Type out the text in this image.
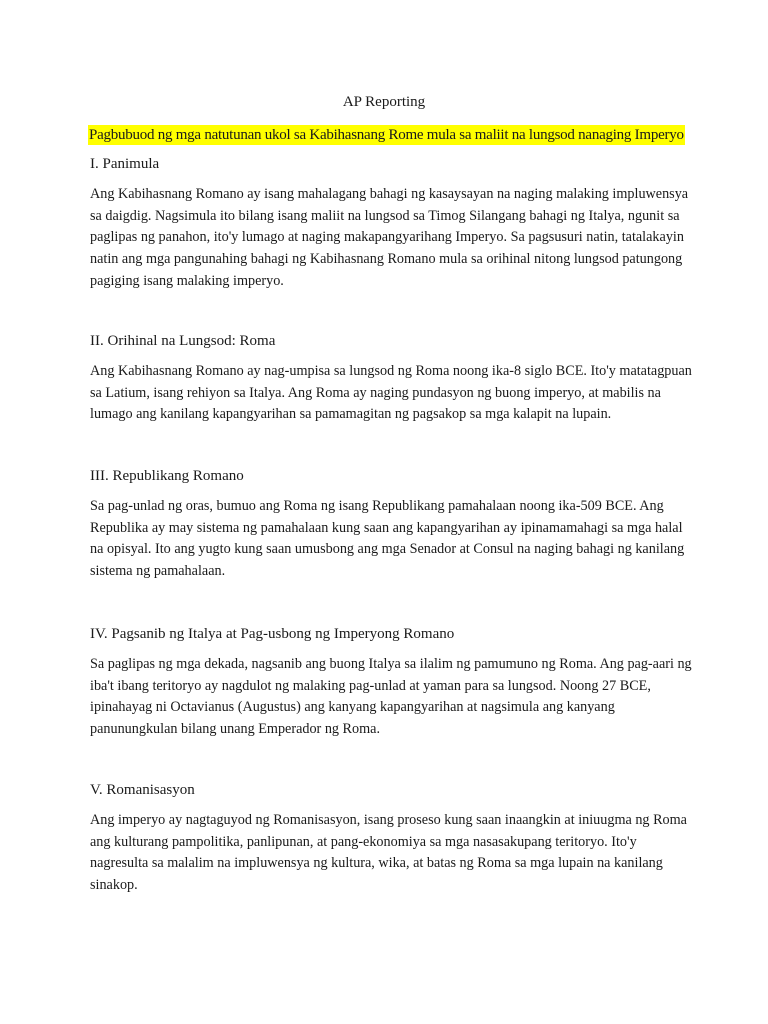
AP Reporting
Pagbubuod ng mga natutunan ukol sa Kabihasnang Rome mula sa maliit na lungsod nanaging Imperyo
I. Panimula
Ang Kabihasnang Romano ay isang mahalagang bahagi ng kasaysayan na naging malaking impluwensya
sa daigdig. Nagsimula ito bilang isang maliit na lungsod sa Timog Silangang bahagi ng Italya, ngunit sa
paglipas ng panahon, ito'y lumago at naging makapangyarihang Imperyo. Sa pagsusuri natin, tatalakayin
natin ang mga pangunahing bahagi ng Kabihasnang Romano mula sa orihinal nitong lungsod patungong
pagiging isang malaking imperyo.
II. Orihinal na Lungsod: Roma
Ang Kabihasnang Romano ay nag-umpisa sa lungsod ng Roma noong ika-8 siglo BCE. Ito'y matatagpuan
sa Latium, isang rehiyon sa Italya. Ang Roma ay naging pundasyon ng buong imperyo, at mabilis na
lumago ang kanilang kapangyarihan sa pamamagitan ng pagsakop sa mga kalapit na lupain.
III. Republikang Romano
Sa pag-unlad ng oras, bumuo ang Roma ng isang Republikang pamahalaan noong ika-509 BCE. Ang
Republika ay may sistema ng pamahalaan kung saan ang kapangyarihan ay ipinamamahagi sa mga halal
na opisyal. Ito ang yugto kung saan umusbong ang mga Senador at Consul na naging bahagi ng kanilang
sistema ng pamahalaan.
IV. Pagsanib ng Italya at Pag-usbong ng Imperyong Romano
Sa paglipas ng mga dekada, nagsanib ang buong Italya sa ilalim ng pamumuno ng Roma. Ang pag-aari ng
iba't ibang teritoryo ay nagdulot ng malaking pag-unlad at yaman para sa lungsod. Noong 27 BCE,
ipinahayag ni Octavianus (Augustus) ang kanyang kapangyarihan at nagsimula ang kanyang
panunungkulan bilang unang Emperador ng Roma.
V. Romanisasyon
Ang imperyo ay nagtaguyod ng Romanisasyon, isang proseso kung saan inaangkin at iniuugma ng Roma
ang kulturang pampolitika, panlipunan, at pang-ekonomiya sa mga nasasakupang teritoryo. Ito'y
nagresulta sa malalim na impluwensya ng kultura, wika, at batas ng Roma sa mga lupain na kanilang
sinakop.
